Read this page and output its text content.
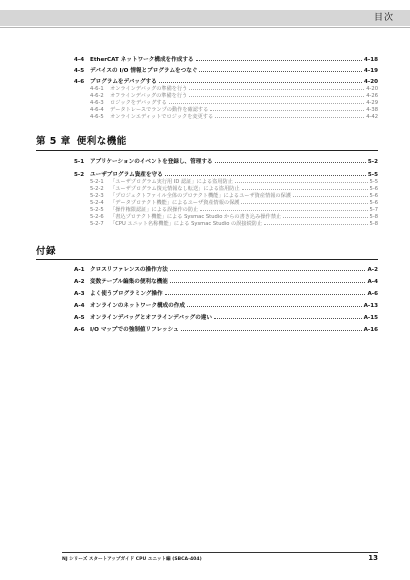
目次
4-4	EtherCAT ネットワーク構成を作成する	4-18
4-5	デバイスの I/O 情報とプログラムをつなぐ	4-19
4-6	プログラムをデバッグする	4-20
4-6-1	オンラインデバッグの準備を行う	4-20
4-6-2	オフラインデバッグの準備を行う	4-26
4-6-3	ロジックをデバッグする	4-29
4-6-4	データトレースでランプの動作を確認する	4-38
4-6-5	オンラインエディットでロジックを変更する	4-42
第 5 章 便利な機能
5-1	アプリケーションのイベントを登録し、管理する	5-2
5-2	ユーザプログラム資産を守る	5-5
5-2-1	「ユーザプログラム実行用 ID 認証」による盗用防止	5-5
5-2-2	「ユーザプログラム復元情報なし転送」による盗用防止	5-6
5-2-3	「プロジェクトファイル全体のプロテクト機能」によるユーザ資産情報の保護	5-6
5-2-4	「データプロテクト機能」によるユーザ資産情報の保護	5-6
5-2-5	「操作権限認証」による誤操作の防止	5-7
5-2-6	「書込プロテクト機能」による Sysmac Studio からの書き込み操作禁止	5-8
5-2-7	「CPU ユニット名称機能」による Sysmac Studio の誤接続防止	5-8
付録
A-1 クロスリファレンスの操作方法	A-2
A-2 変数テーブル編集の便利な機能	A-4
A-3 よく使うプログラミング操作	A-6
A-4 オンラインのネットワーク構成の作成	A-13
A-5 オンラインデバッグとオフラインデバッグの違い	A-15
A-6 I/O マップでの強制値リフレッシュ	A-16
NJ シリーズ スタートアップガイド CPU ユニット編 (SBCA-404)	13
